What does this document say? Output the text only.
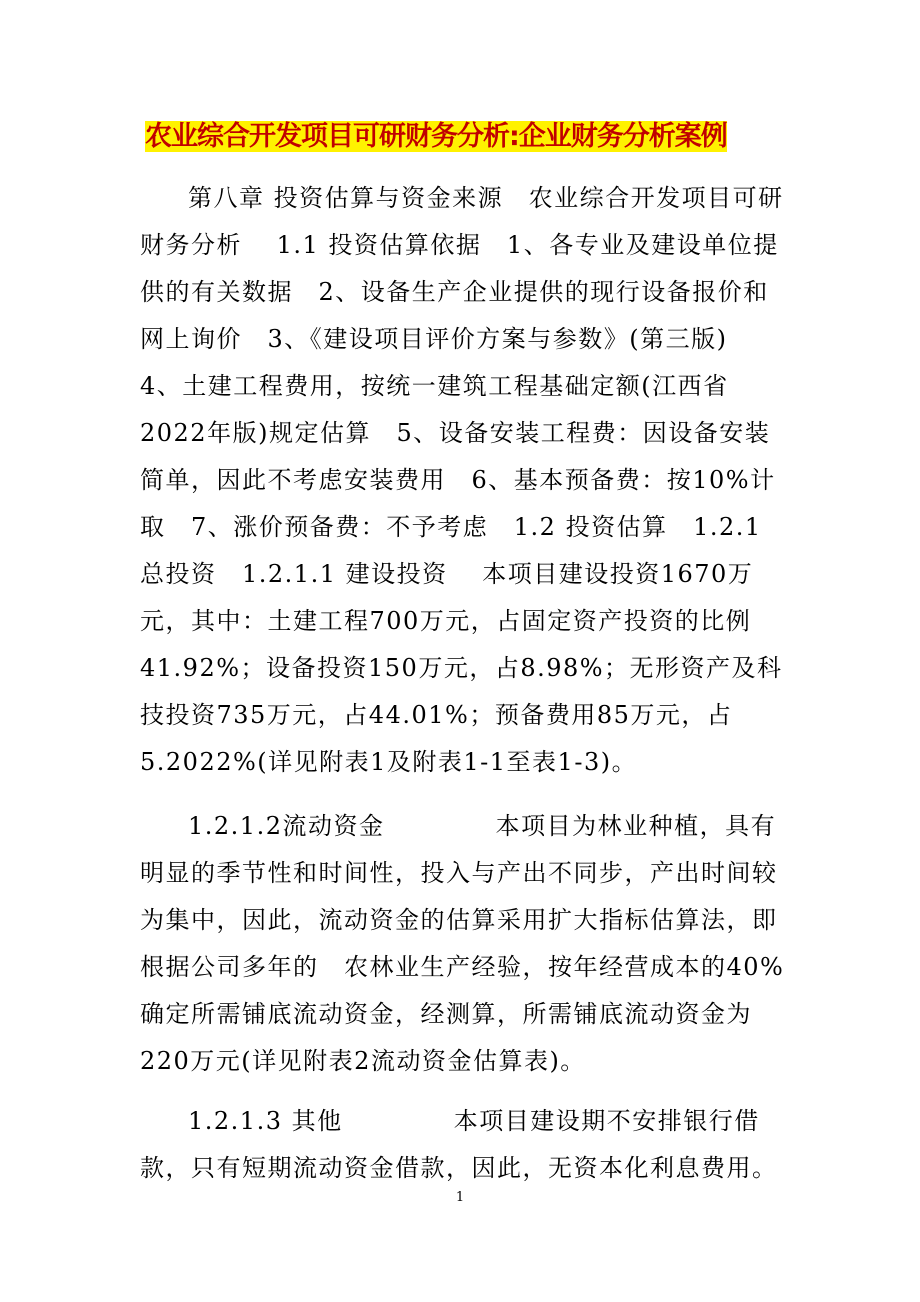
农业综合开发项目可研财务分析:企业财务分析案例

第八章 投资估算与资金来源　农业综合开发项目可研财务分析　 1.1 投资估算依据　1、各专业及建设单位提供的有关数据　2、设备生产企业提供的现行设备报价和网上询价　3、《建设项目评价方案与参数》(第三版)　 4、土建工程费用，按统一建筑工程基础定额(江西省2022年版)规定估算　5、设备安装工程费：因设备安装简单，因此不考虑安装费用　6、基本预备费：按10%计取　7、涨价预备费：不予考虑　1.2 投资估算　1.2.1 总投资　1.2.1.1 建设投资　 本项目建设投资1670万元，其中：土建工程700万元，占固定资产投资的比例41.92%；设备投资150万元，占8.98%；无形资产及科技投资735万元，占44.01%；预备费用85万元，占5.2022%(详见附表1及附表1-1至表1-3)。

1.2.1.2流动资金　　　　 本项目为林业种植，具有明显的季节性和时间性，投入与产出不同步，产出时间较为集中，因此，流动资金的估算采用扩大指标估算法，即根据公司多年的　农林业生产经验，按年经营成本的40%确定所需铺底流动资金，经测算，所需铺底流动资金为220万元(详见附表2流动资金估算表)。

1.2.1.3 其他　　　　 本项目建设期不安排银行借款，只有短期流动资金借款，因此，无资本化利息费用。

1
